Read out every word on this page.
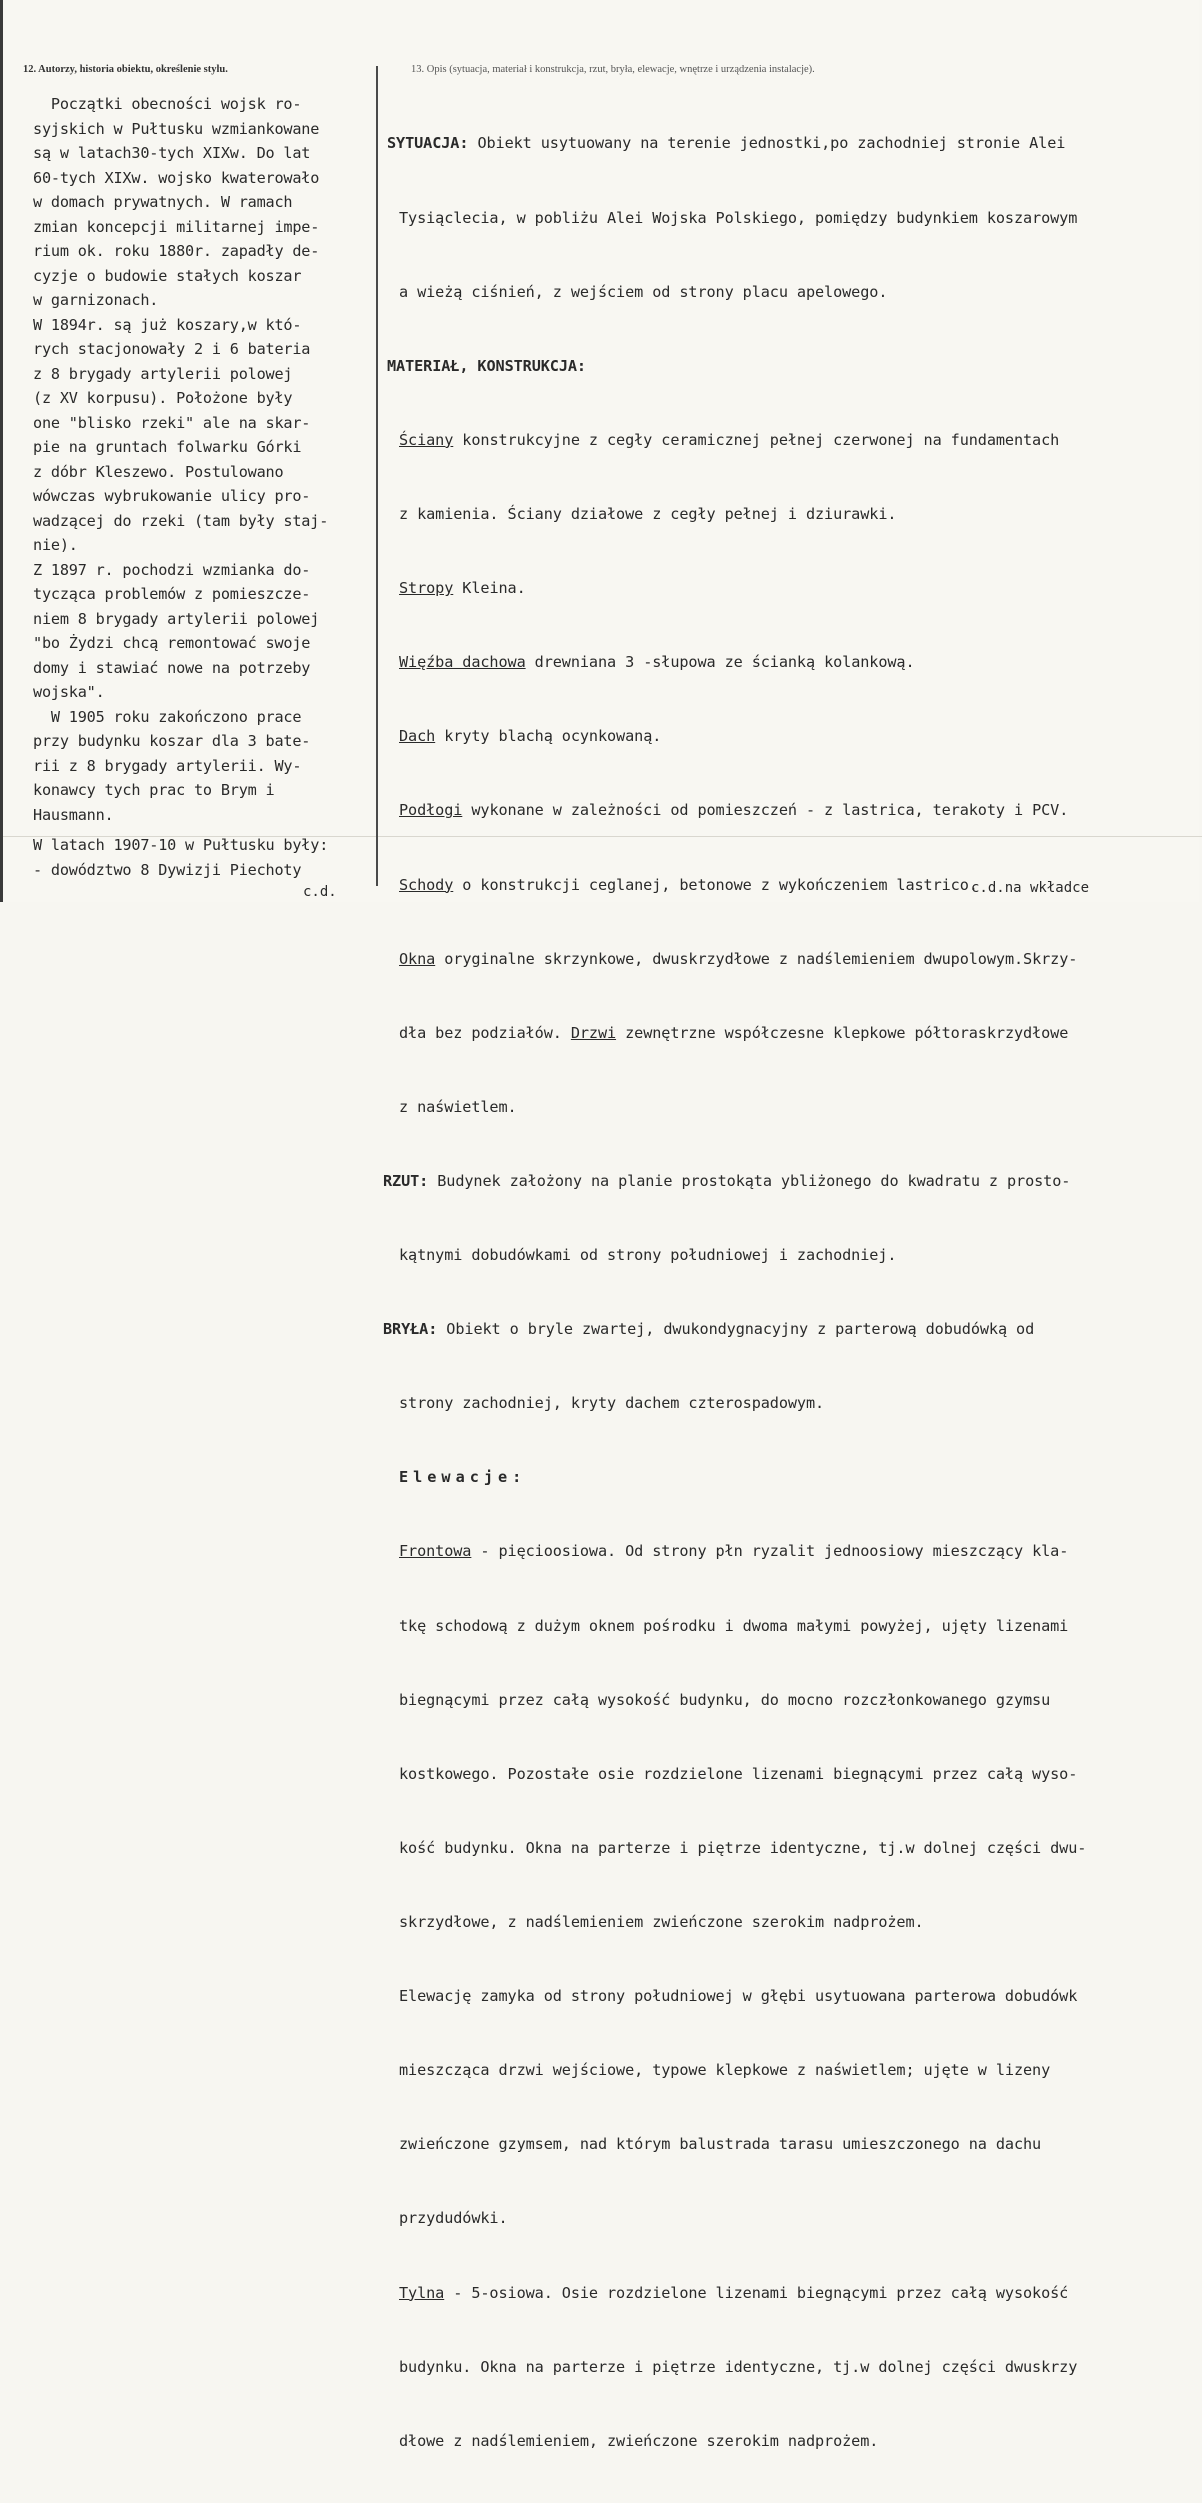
12. Autorzy, historia obiektu, określenie stylu.	13. Opis (sytuacja, materiał i konstrukcja, rzut, bryła, elewacje, wnętrze i urządzenia instalacje).
Początki obecności wojsk ro-
syjskich w Pułtusku wzmiankowane
są w latach30-tych XIXw. Do lat
60-tych XIXw. wojsko kwaterowało
w domach prywatnych. W ramach
zmian koncepcji militarnej impe-
rium ok. roku 1880r. zapadły de-
cyzje o budowie stałych koszar
w garnizonach.
W 1894r. są już koszary,w któ-
rych stacjonowały 2 i 6 bateria
z 8 brygady artylerii polowej
(z XV korpusu). Położone były
one "blisko rzeki" ale na skar-
pie na gruntach folwarku Górki
z dóbr Kleszewo. Postulowano
wówczas wybrukowanie ulicy pro-
wadzącej do rzeki (tam były staj-
nie).
Z 1897 r. pochodzi wzmianka do-
tycząca problemów z pomieszcze-
niem 8 brygady artylerii polowej
"bo Żydzi chcą remontować swoje
domy i stawiać nowe na potrzeby
wojska".
W 1905 roku zakończono prace
przy budynku koszar dla 3 bate-
rii z 8 brygady artylerii. Wy-
konawcy tych prac to Brym i
Hausmann.
W latach 1907-10 w Pułtusku były:
- dowództwo 8 Dywizji Piechoty
c.d.

SYTUACJA: Obiekt usytuowany na terenie jednostki,po zachodniej stronie Alei

Tysiąclecia, w pobliżu Alei Wojska Polskiego, pomiędzy budynkiem koszarowym

a wieżą ciśnień, z wejściem od strony placu apelowego.

MATERIAŁ, KONSTRUKCJA:

Ściany konstrukcyjne z cegły ceramicznej pełnej czerwonej na fundamentach

z kamienia. Ściany działowe z cegły pełnej i dziurawki.

Stropy Kleina.

Więźba dachowa drewniana 3 -słupowa ze ścianką kolankową.

Dach kryty blachą ocynkowaną.

Podłogi wykonane w zależności od pomieszczeń - z lastrica, terakoty i PCV.

Schody o konstrukcji ceglanej, betonowe z wykończeniem lastrico.

Okna oryginalne skrzynkowe, dwuskrzydłowe z nadślemieniem dwupolowym.Skrzy-

dła bez podziałów. Drzwi zewnętrzne współczesne klepkowe półtoraskrzydłowe

z naświetlem.

RZUT: Budynek założony na planie prostokąta ybliżonego do kwadratu z prosto-

kątnymi dobudówkami od strony południowej i zachodniej.

BRYŁA: Obiekt o bryle zwartej, dwukondygnacyjny z parterową dobudówką od

strony zachodniej, kryty dachem czterospadowym.

Elewacje:

Frontowa - pięcioosiowa. Od strony płn ryzalit jednoosiowy mieszczący kla-

tkę schodową z dużym oknem pośrodku i dwoma małymi powyżej, ujęty lizenami

biegnącymi przez całą wysokość budynku, do mocno rozczłonkowanego gzymsu

kostkowego. Pozostałe osie rozdzielone lizenami biegnącymi przez całą wyso-

kość budynku. Okna na parterze i piętrze identyczne, tj.w dolnej części dwu-

skrzydłowe, z nadślemieniem zwieńczone szerokim nadprożem.

Elewację zamyka od strony południowej w głębi usytuowana parterowa dobudówk

mieszcząca drzwi wejściowe, typowe klepkowe z naświetlem; ujęte w lizeny

zwieńczone gzymsem, nad którym balustrada tarasu umieszczonego na dachu

przydudówki.

Tylna - 5-osiowa. Osie rozdzielone lizenami biegnącymi przez całą wysokość

budynku. Okna na parterze i piętrze identyczne, tj.w dolnej części dwuskrzy

dłowe z nadślemieniem, zwieńczone szerokim nadprożem.

c.d.na wkładce
